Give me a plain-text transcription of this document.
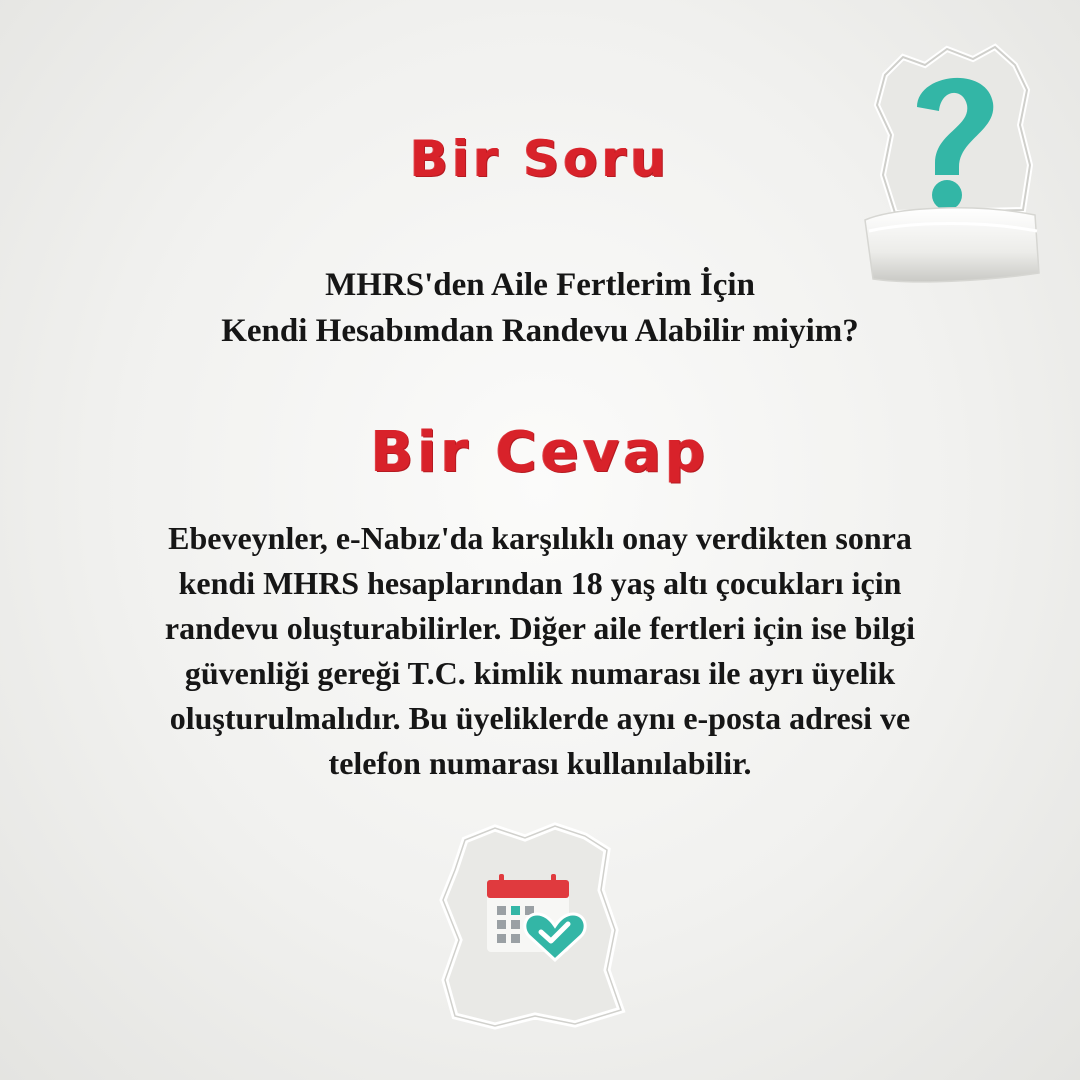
Bir Soru
MHRS'den Aile Fertlerim İçin
Kendi Hesabımdan Randevu Alabilir miyim?
Bir Cevap
Ebeveynler, e-Nabız'da karşılıklı onay verdikten sonra
kendi MHRS hesaplarından 18 yaş altı çocukları için
randevu oluşturabilirler. Diğer aile fertleri için ise bilgi
güvenliği gereği T.C. kimlik numarası ile ayrı üyelik
oluşturulmalıdır. Bu üyeliklerde aynı e-posta adresi ve
telefon numarası kullanılabilir.
